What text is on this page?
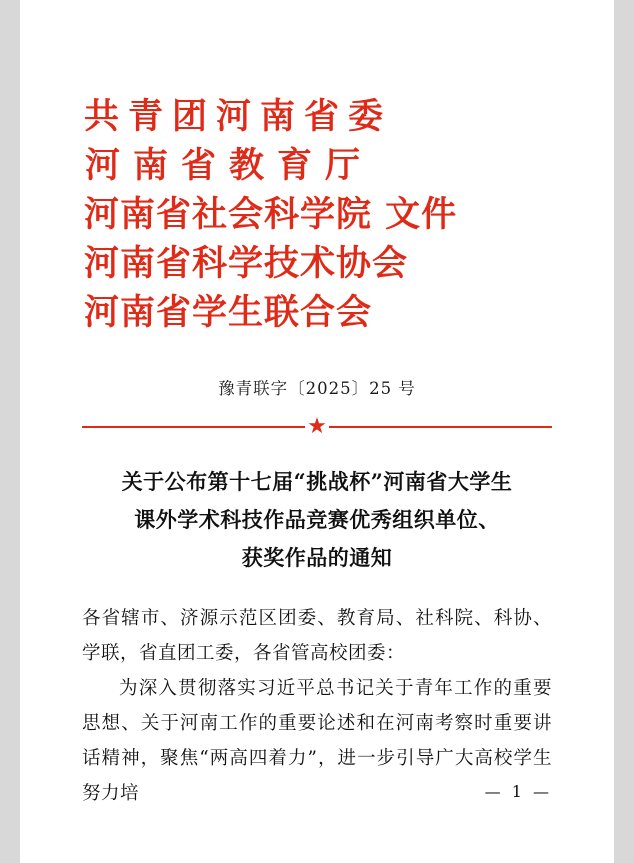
共青团河南省委
河南省教育厅
河南省社会科学院 文件
河南省科学技术协会
河南省学生联合会
豫青联字〔2025〕25 号
★
关于公布第十七届“挑战杯”河南省大学生
课外学术科技作品竞赛优秀组织单位、
获奖作品的通知

各省辖市、济源示范区团委、教育局、社科院、科协、学联，省直团工委，各省管高校团委：

为深入贯彻落实习近平总书记关于青年工作的重要思想、关于河南工作的重要论述和在河南考察时重要讲话精神，聚焦“两高四着力”，进一步引导广大高校学生努力培	— 1 —
